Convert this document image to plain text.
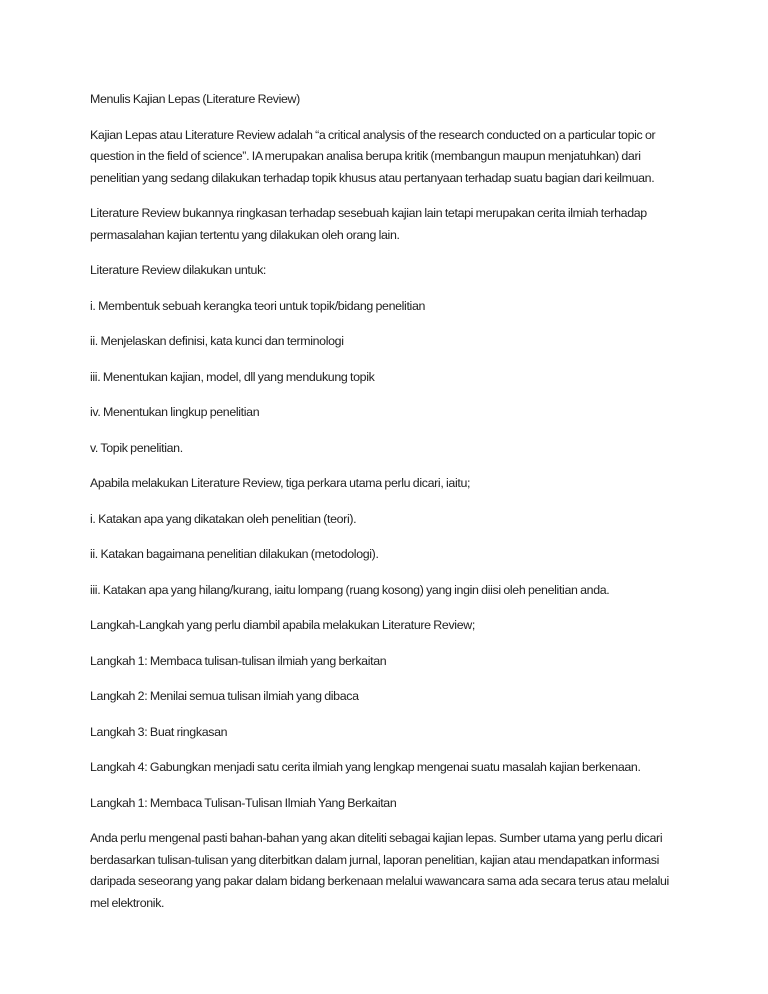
Menulis Kajian Lepas (Literature Review)

Kajian Lepas atau Literature Review adalah “a critical analysis of the research conducted on a particular topic or question in the field of science”. IA merupakan analisa berupa kritik (membangun maupun menjatuhkan) dari penelitian yang sedang dilakukan terhadap topik khusus atau pertanyaan terhadap suatu bagian dari keilmuan.

Literature Review bukannya ringkasan terhadap sesebuah kajian lain tetapi merupakan cerita ilmiah terhadap permasalahan kajian tertentu yang dilakukan oleh orang lain.

Literature Review dilakukan untuk:

i. Membentuk sebuah kerangka teori untuk topik/bidang penelitian

ii. Menjelaskan definisi, kata kunci dan terminologi

iii. Menentukan kajian, model, dll yang mendukung topik

iv. Menentukan lingkup penelitian

v. Topik penelitian.

Apabila melakukan Literature Review, tiga perkara utama perlu dicari, iaitu;

i. Katakan apa yang dikatakan oleh penelitian (teori).

ii. Katakan bagaimana penelitian dilakukan (metodologi).

iii. Katakan apa yang hilang/kurang, iaitu lompang (ruang kosong) yang ingin diisi oleh penelitian anda.

Langkah-Langkah yang perlu diambil apabila melakukan Literature Review;

Langkah 1: Membaca tulisan-tulisan ilmiah yang berkaitan

Langkah 2: Menilai semua tulisan ilmiah yang dibaca

Langkah 3: Buat ringkasan

Langkah 4: Gabungkan menjadi satu cerita ilmiah yang lengkap mengenai suatu masalah kajian berkenaan.

Langkah 1: Membaca Tulisan-Tulisan Ilmiah Yang Berkaitan

Anda perlu mengenal pasti bahan-bahan yang akan diteliti sebagai kajian lepas. Sumber utama yang perlu dicari berdasarkan tulisan-tulisan yang diterbitkan dalam jurnal, laporan penelitian, kajian atau mendapatkan informasi daripada seseorang yang pakar dalam bidang berkenaan melalui wawancara sama ada secara terus atau melalui mel elektronik.
